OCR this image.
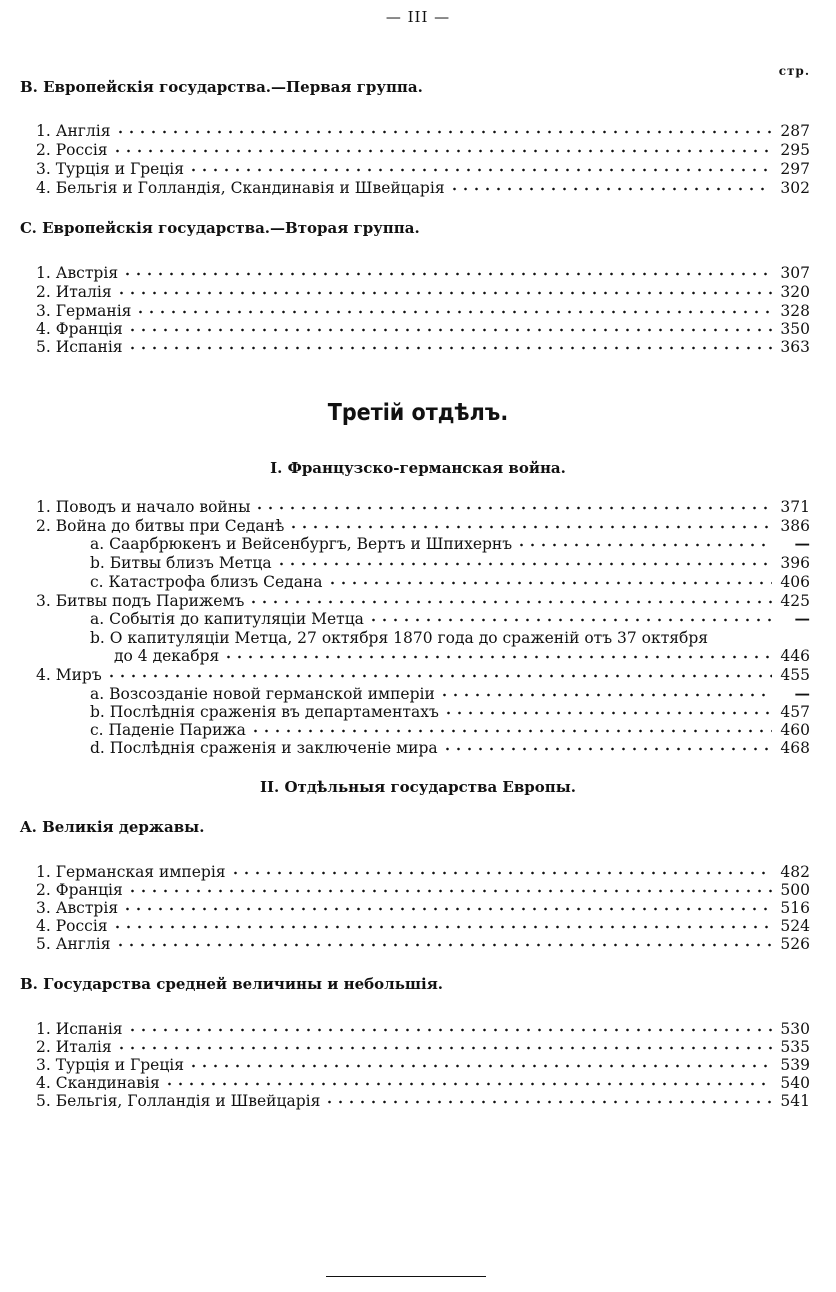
— III —
стр.
B. Европейскія государства.—Первая группа.
1. Англія	287
2. Россія	295
3. Турція и Греція	297
4. Бельгія и Голландія, Скандинавія и Швейцарія	302
C. Европейскія государства.—Вторая группа.
1. Австрія	307
2. Италія	320
3. Германія	328
4. Франція	350
5. Испанія	363
Третій отдѣлъ.
I. Французско-германская война.
1. Поводъ и начало войны	371
2. Война до битвы при Седанѣ	386
a. Саарбрюкенъ и Вейсенбургъ, Вертъ и Шпихернъ	—
b. Битвы близъ Метца	396
c. Катастрофа близъ Седана	406
3. Битвы подъ Парижемъ	425
a. Событія до капитуляціи Метца	—
b. О капитуляціи Метца, 27 октября 1870 года до сраженій отъ 37 октября
до 4 декабря	446
4. Миръ	455
a. Возсозданіе новой германской имперіи	—
b. Послѣднія сраженія въ департаментахъ	457
c. Паденіе Парижа	460
d. Послѣднія сраженія и заключеніе мира	468
II. Отдѣльныя государства Европы.
A. Великія державы.
1. Германская имперія	482
2. Франція	500
3. Австрія	516
4. Россія	524
5. Англія	526
B. Государства средней величины и небольшія.
1. Испанія	530
2. Италія	535
3. Турція и Греція	539
4. Скандинавія	540
5. Бельгія, Голландія и Швейцарія	541
